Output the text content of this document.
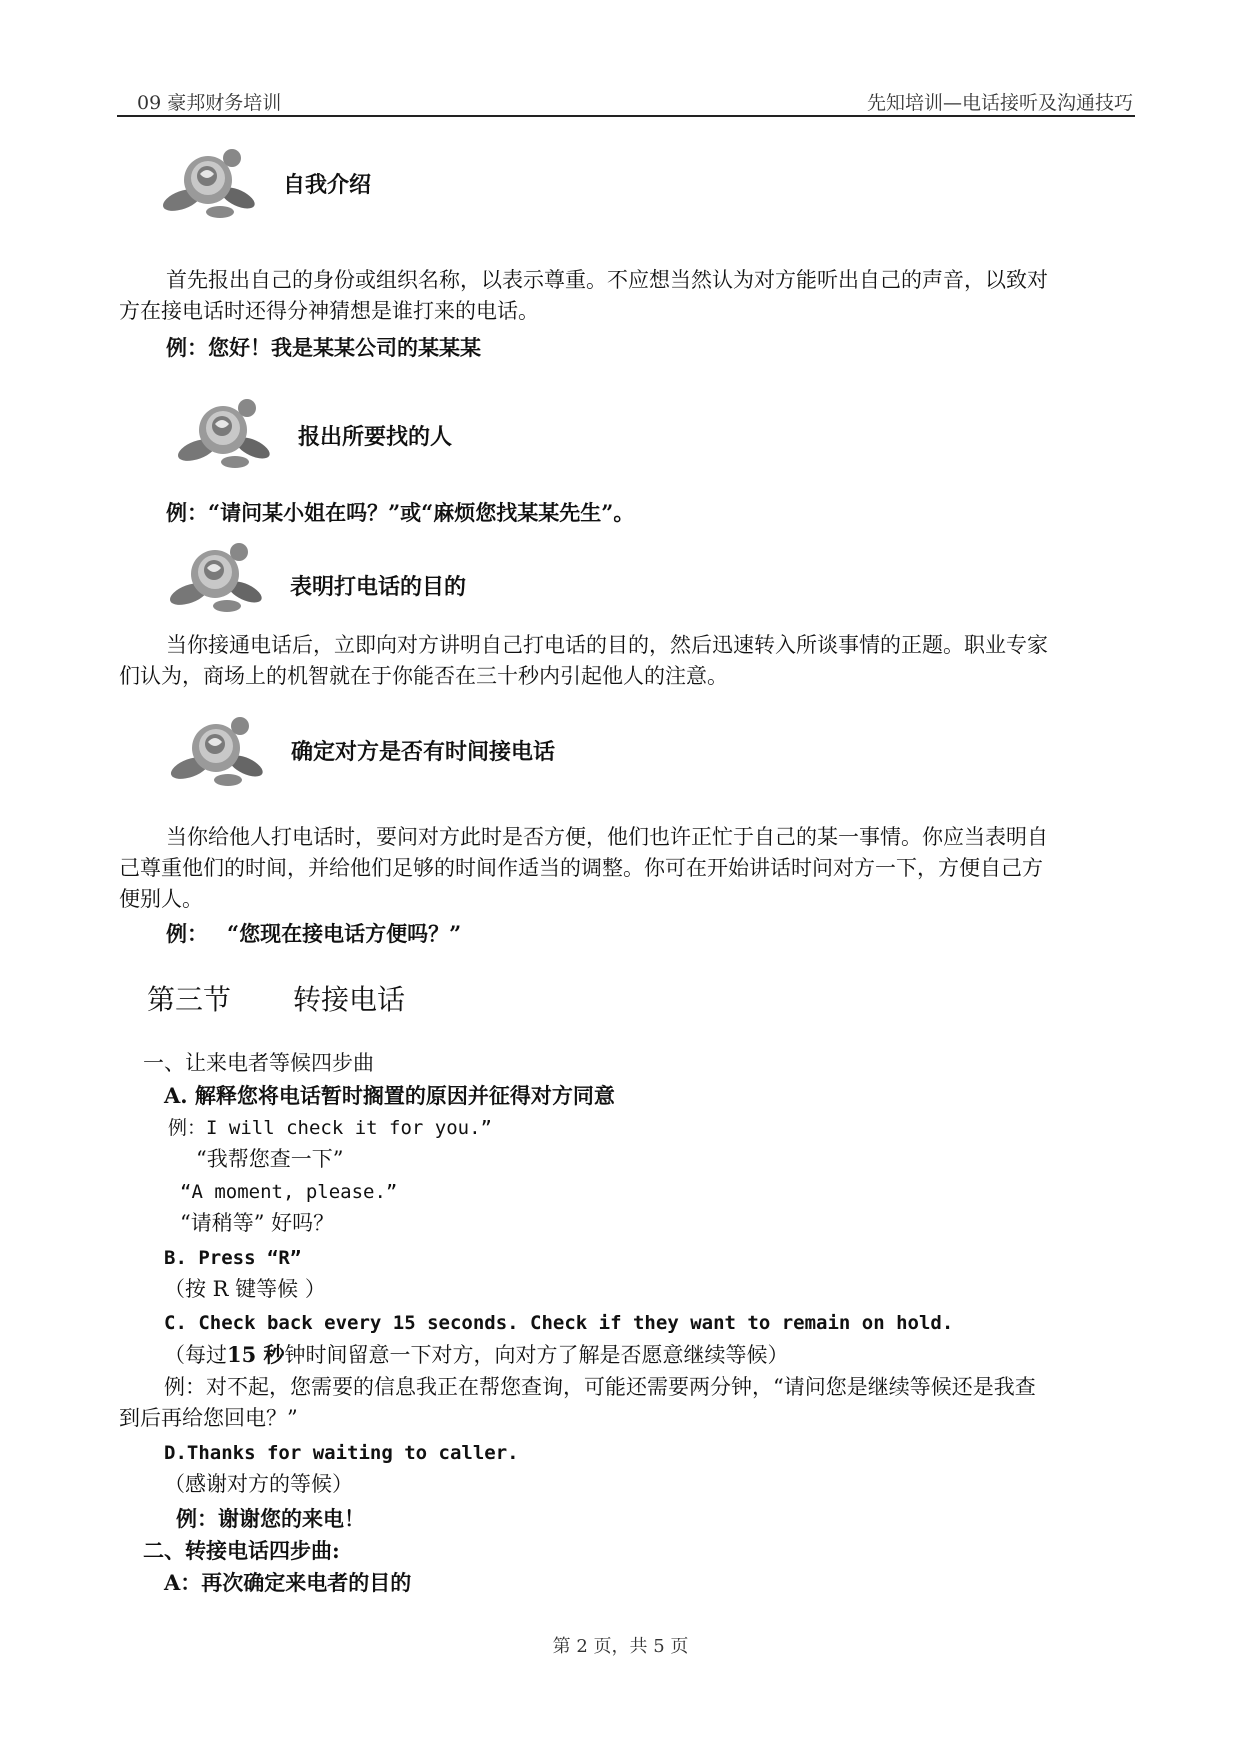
09 豪邦财务培训	先知培训—电话接听及沟通技巧
自我介绍
首先报出自己的身份或组织名称，以表示尊重。不应想当然认为对方能听出自己的声音，以致对
方在接电话时还得分神猜想是谁打来的电话。
例：您好！我是某某公司的某某某
报出所要找的人
例：“请问某小姐在吗？”或“麻烦您找某某先生”。
表明打电话的目的
当你接通电话后，立即向对方讲明自己打电话的目的，然后迅速转入所谈事情的正题。职业专家
们认为，商场上的机智就在于你能否在三十秒内引起他人的注意。
确定对方是否有时间接电话
当你给他人打电话时，要问对方此时是否方便，他们也许正忙于自己的某一事情。你应当表明自
己尊重他们的时间，并给他们足够的时间作适当的调整。你可在开始讲话时问对方一下，方便自己方
便别人。
例： “您现在接电话方便吗？”
第三节 转接电话
一、让来电者等候四步曲
A. 解释您将电话暂时搁置的原因并征得对方同意
例：I will check it for you.”
“我帮您查一下”
“A moment, please.”
“请稍等” 好吗？
B. Press “R”
（按 R 键等候 ）
C. Check back every 15 seconds. Check if they want to remain on hold.
（每过15 秒钟时间留意一下对方，向对方了解是否愿意继续等候）
例：对不起，您需要的信息我正在帮您查询，可能还需要两分钟，“请问您是继续等候还是我查
到后再给您回电？”
D.Thanks for waiting to caller.
（感谢对方的等候）
例：谢谢您的来电！
二、转接电话四步曲:
A：再次确定来电者的目的
第 2 页，共 5 页
